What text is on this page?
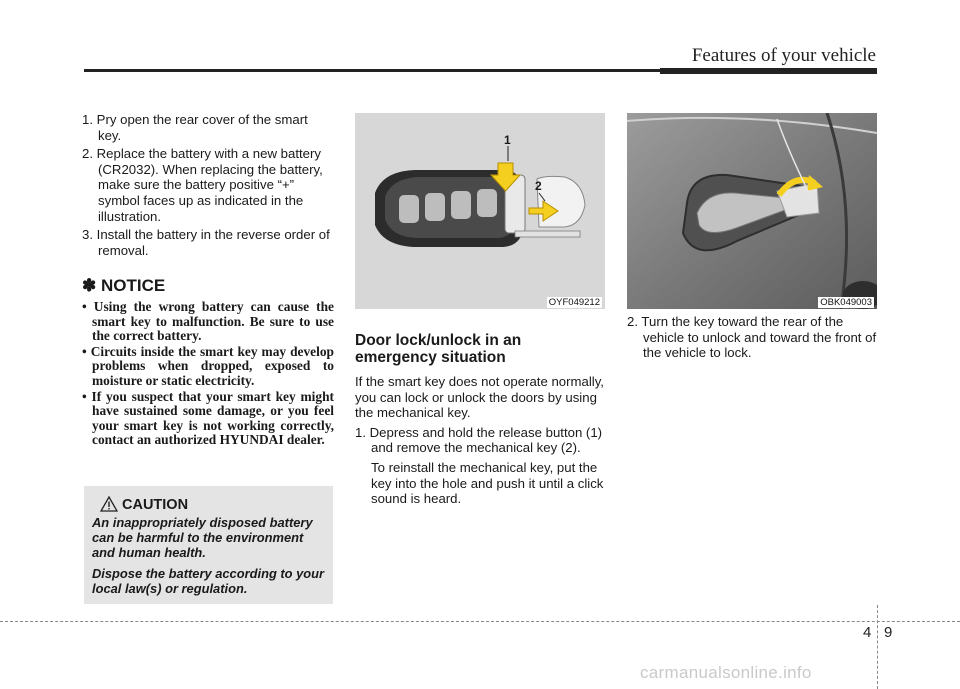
Features of your vehicle
1. Pry open the rear cover of the smart key.
2. Replace the battery with a new battery (CR2032). When replacing the battery, make sure the battery positive “+” symbol faces up as indicated in the illustration.
3. Install the battery in the reverse order of removal.
✽ NOTICE
• Using the wrong battery can cause the smart key to malfunction. Be sure to use the correct battery.
• Circuits inside the smart key may develop problems when dropped, exposed to moisture or static electricity.
• If you suspect that your smart key might have sustained some damage, or you feel your smart key is not working correctly, contact an authorized HYUNDAI dealer.
CAUTION

An inappropriately disposed battery can be harmful to the environment and human health.

Dispose the battery according to your local law(s) or regulation.

1
2
OYF049212	OBK049003
Door lock/unlock in an emergency situation
If the smart key does not operate normally, you can lock or unlock the doors by using the mechanical key.
1. Depress and hold the release button (1) and remove the mechanical key (2).
To reinstall the mechanical key, put the key into the hole and push it until a click sound is heard.
2. Turn the key toward the rear of the vehicle to unlock and toward the front of the vehicle to lock.
4 9
carmanualsonline.info
